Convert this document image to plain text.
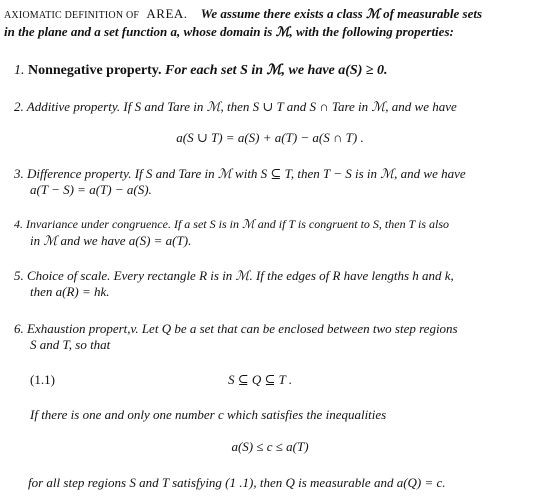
AXIOMATIC DEFINITION OF AREA. We assume there exists a class ℳ of measurable sets
in the plane and a set function a, whose domain is ℳ, with the following properties:
1. Nonnegative property. For each set S in ℳ, we have a(S) ≥ 0.
2. Additive property. If S and Tare in ℳ, then S ∪ T and S ∩ Tare in ℳ, and we have
a(S ∪ T) = a(S) + a(T) − a(S ∩ T) .
3. Difference property. If S and Tare in ℳ with S ⊆ T, then T − S is in ℳ, and we have
a(T − S) = a(T) − a(S).
4. Invariance under congruence. If a set S is in ℳ and if T is congruent to S, then T is also
in ℳ and we have a(S) = a(T).
5. Choice of scale. Every rectangle R is in ℳ. If the edges of R have lengths h and k,
then a(R) = hk.
6. Exhaustion propert,v. Let Q be a set that can be enclosed between two step regions
S and T, so that
(1.1)	S ⊆ Q ⊆ T .
If there is one and only one number c which satisfies the inequalities
a(S) ≤ c ≤ a(T)
for all step regions S and T satisfying (1 .1), then Q is measurable and a(Q) = c.
